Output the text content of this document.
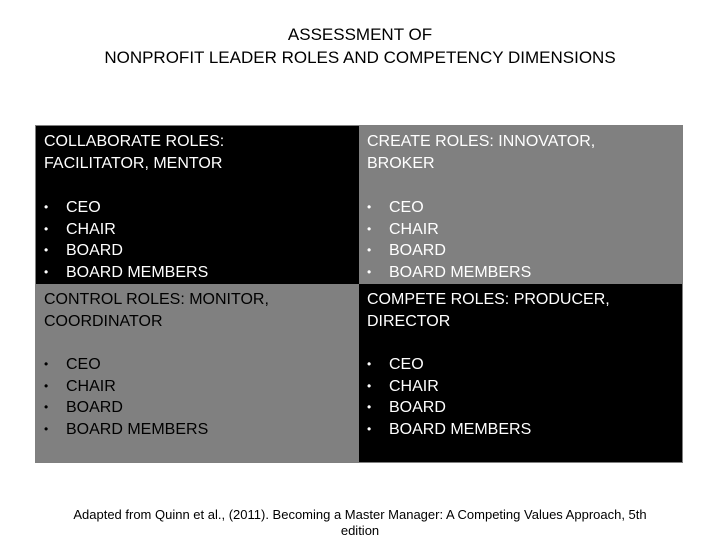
ASSESSMENT OF
NONPROFIT LEADER ROLES AND COMPETENCY DIMENSIONS
COLLABORATE ROLES:
FACILITATOR, MENTOR
• CEO
• CHAIR
• BOARD
• BOARD MEMBERS
CREATE ROLES: INNOVATOR,
BROKER
• CEO
• CHAIR
• BOARD
• BOARD MEMBERS
CONTROL ROLES: MONITOR,
COORDINATOR
• CEO
• CHAIR
• BOARD
• BOARD MEMBERS
COMPETE ROLES: PRODUCER,
DIRECTOR
• CEO
• CHAIR
• BOARD
• BOARD MEMBERS
Adapted from Quinn et al., (2011). Becoming a Master Manager: A Competing Values Approach, 5th
edition
